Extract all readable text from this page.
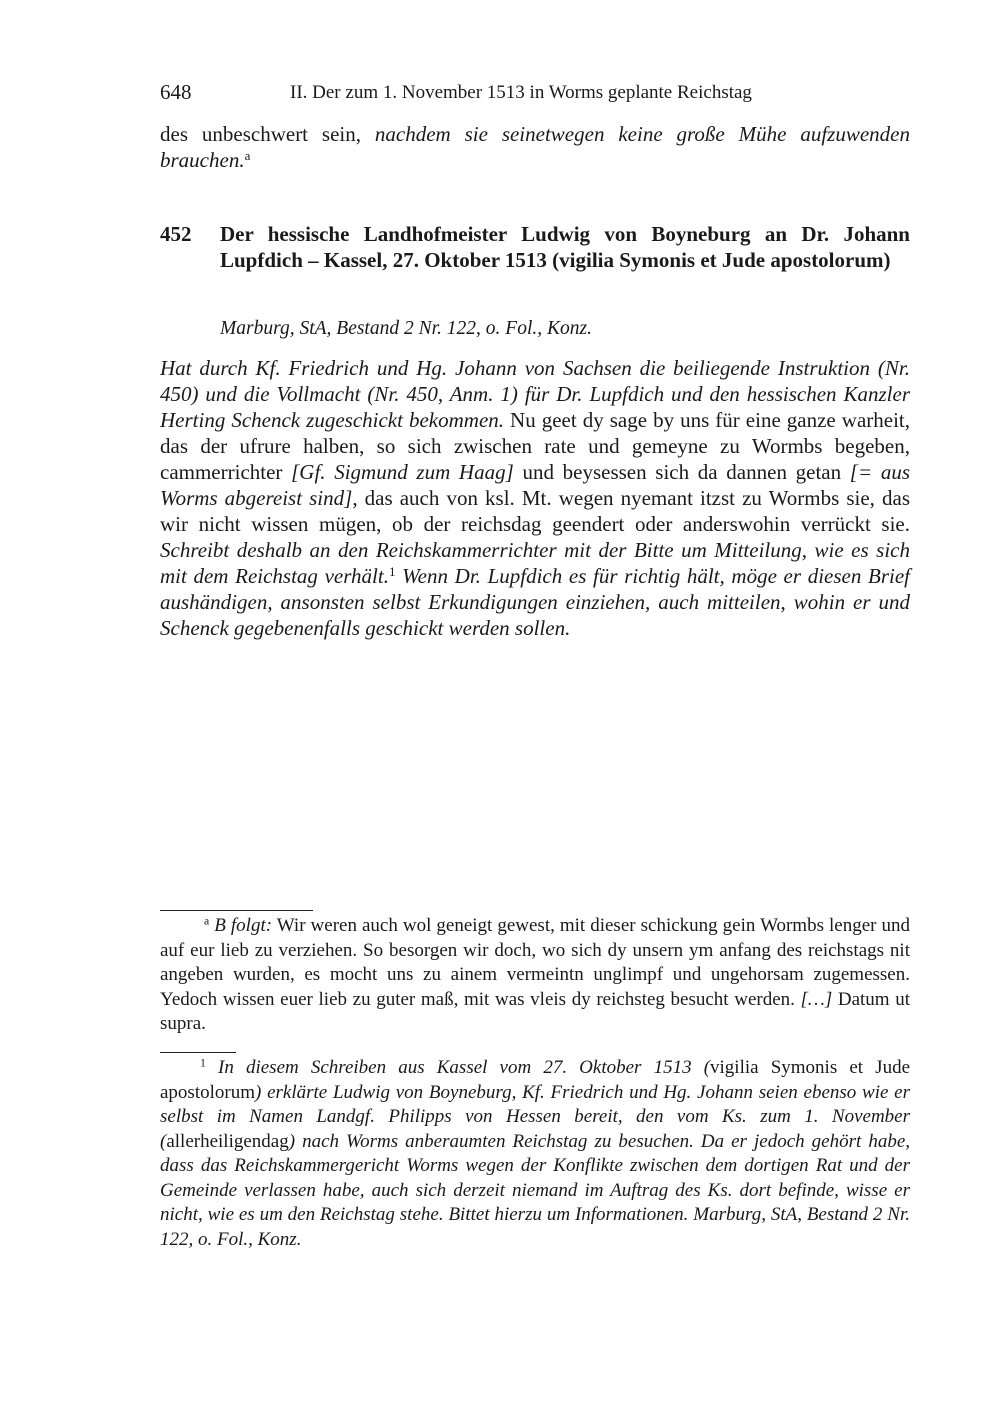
648	II. Der zum 1. November 1513 in Worms geplante Reichstag
des unbeschwert sein, nachdem sie seinetwegen keine große Mühe aufzuwenden brauchen.$^a$
452 Der hessische Landhofmeister Ludwig von Boyneburg an Dr. Johann Lupfdich – Kassel, 27. Oktober 1513 (vigilia Symonis et Jude apostolorum)
Marburg, StA, Bestand 2 Nr. 122, o. Fol., Konz.
Hat durch Kf. Friedrich und Hg. Johann von Sachsen die beiliegende Instruktion (Nr. 450) und die Vollmacht (Nr. 450, Anm. 1) für Dr. Lupfdich und den hessischen Kanzler Herting Schenck zugeschickt bekommen. Nu geet dy sage by uns für eine ganze warheit, das der ufrure halben, so sich zwischen rate und gemeyne zu Wormbs begeben, cammerrichter [Gf. Sigmund zum Haag] und beysessen sich da dannen getan [= aus Worms abgereist sind], das auch von ksl. Mt. wegen nyemant itzst zu Wormbs sie, das wir nicht wissen mügen, ob der reichsdag geendert oder anderswohin verrückt sie. Schreibt deshalb an den Reichskammerrichter mit der Bitte um Mitteilung, wie es sich mit dem Reichstag verhält.$^1$ Wenn Dr. Lupfdich es für richtig hält, möge er diesen Brief aushändigen, ansonsten selbst Erkundigungen einziehen, auch mitteilen, wohin er und Schenck gegebenenfalls geschickt werden sollen.
$^a$ B folgt: Wir weren auch wol geneigt gewest, mit dieser schickung gein Wormbs lenger und auf eur lieb zu verziehen. So besorgen wir doch, wo sich dy unsern ym anfang des reichstags nit angeben wurden, es mocht uns zu ainem vermeintn unglimpf und ungehorsam zugemessen. Yedoch wissen euer lieb zu guter maß, mit was vleis dy reichsteg besucht werden. […] Datum ut supra.
$^1$ In diesem Schreiben aus Kassel vom 27. Oktober 1513 (vigilia Symonis et Jude apostolorum) erklärte Ludwig von Boyneburg, Kf. Friedrich und Hg. Johann seien ebenso wie er selbst im Namen Landgf. Philipps von Hessen bereit, den vom Ks. zum 1. November (allerheiligendag) nach Worms anberaumten Reichstag zu besuchen. Da er jedoch gehört habe, dass das Reichskammergericht Worms wegen der Konflikte zwischen dem dortigen Rat und der Gemeinde verlassen habe, auch sich derzeit niemand im Auftrag des Ks. dort befinde, wisse er nicht, wie es um den Reichstag stehe. Bittet hierzu um Informationen. Marburg, StA, Bestand 2 Nr. 122, o. Fol., Konz.
